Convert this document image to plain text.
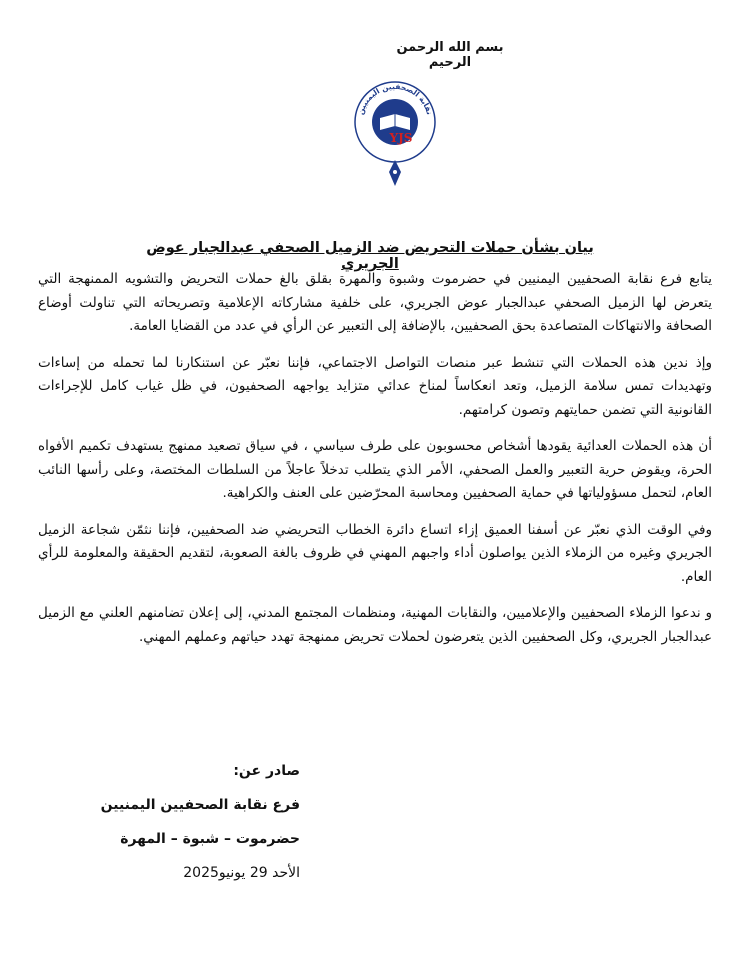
بسم الله الرحمن الرحيم
نقابة الصحفيين اليمنيين
YJS
بيان بشأن حملات التحريض ضد الزميل الصحفي عبدالجبار عوض الجريري

يتابع فرع نقابة الصحفيين اليمنيين في حضرموت وشبوة والمهرة بقلق بالغ حملات التحريض والتشويه الممنهجة التي يتعرض لها الزميل الصحفي عبدالجبار عوض الجريري، على خلفية مشاركاته الإعلامية وتصريحاته التي تناولت أوضاع الصحافة والانتهاكات المتصاعدة بحق الصحفيين، بالإضافة إلى التعبير عن الرأي في عدد من القضايا العامة.

وإذ ندين هذه الحملات التي تنشط عبر منصات التواصل الاجتماعي، فإننا نعبّر عن استنكارنا لما تحمله من إساءات وتهديدات تمس سلامة الزميل، وتعد انعكاساً لمناخ عدائي متزايد يواجهه الصحفيون، في ظل غياب كامل للإجراءات القانونية التي تضمن حمايتهم وتصون كرامتهم.

أن هذه الحملات العدائية يقودها أشخاص محسوبون على طرف سياسي ، في سياق تصعيد ممنهج يستهدف تكميم الأفواه الحرة، ويقوض حرية التعبير والعمل الصحفي، الأمر الذي يتطلب تدخلاً عاجلاً من السلطات المختصة، وعلى رأسها النائب العام، لتحمل مسؤولياتها في حماية الصحفيين ومحاسبة المحرّضين على العنف والكراهية.

وفي الوقت الذي نعبّر عن أسفنا العميق إزاء اتساع دائرة الخطاب التحريضي ضد الصحفيين، فإننا نثمّن شجاعة الزميل الجريري وغيره من الزملاء الذين يواصلون أداء واجبهم المهني في ظروف بالغة الصعوبة، لتقديم الحقيقة والمعلومة للرأي العام.

و ندعوا الزملاء الصحفيين والإعلاميين، والنقابات المهنية، ومنظمات المجتمع المدني، إلى إعلان تضامنهم العلني مع الزميل عبدالجبار الجريري، وكل الصحفيين الذين يتعرضون لحملات تحريض ممنهجة تهدد حياتهم وعملهم المهني.

صادر عن:
فرع نقابة الصحفيين اليمنيين
حضرموت – شبوة – المهرة
الأحد 29 يونيو2025
